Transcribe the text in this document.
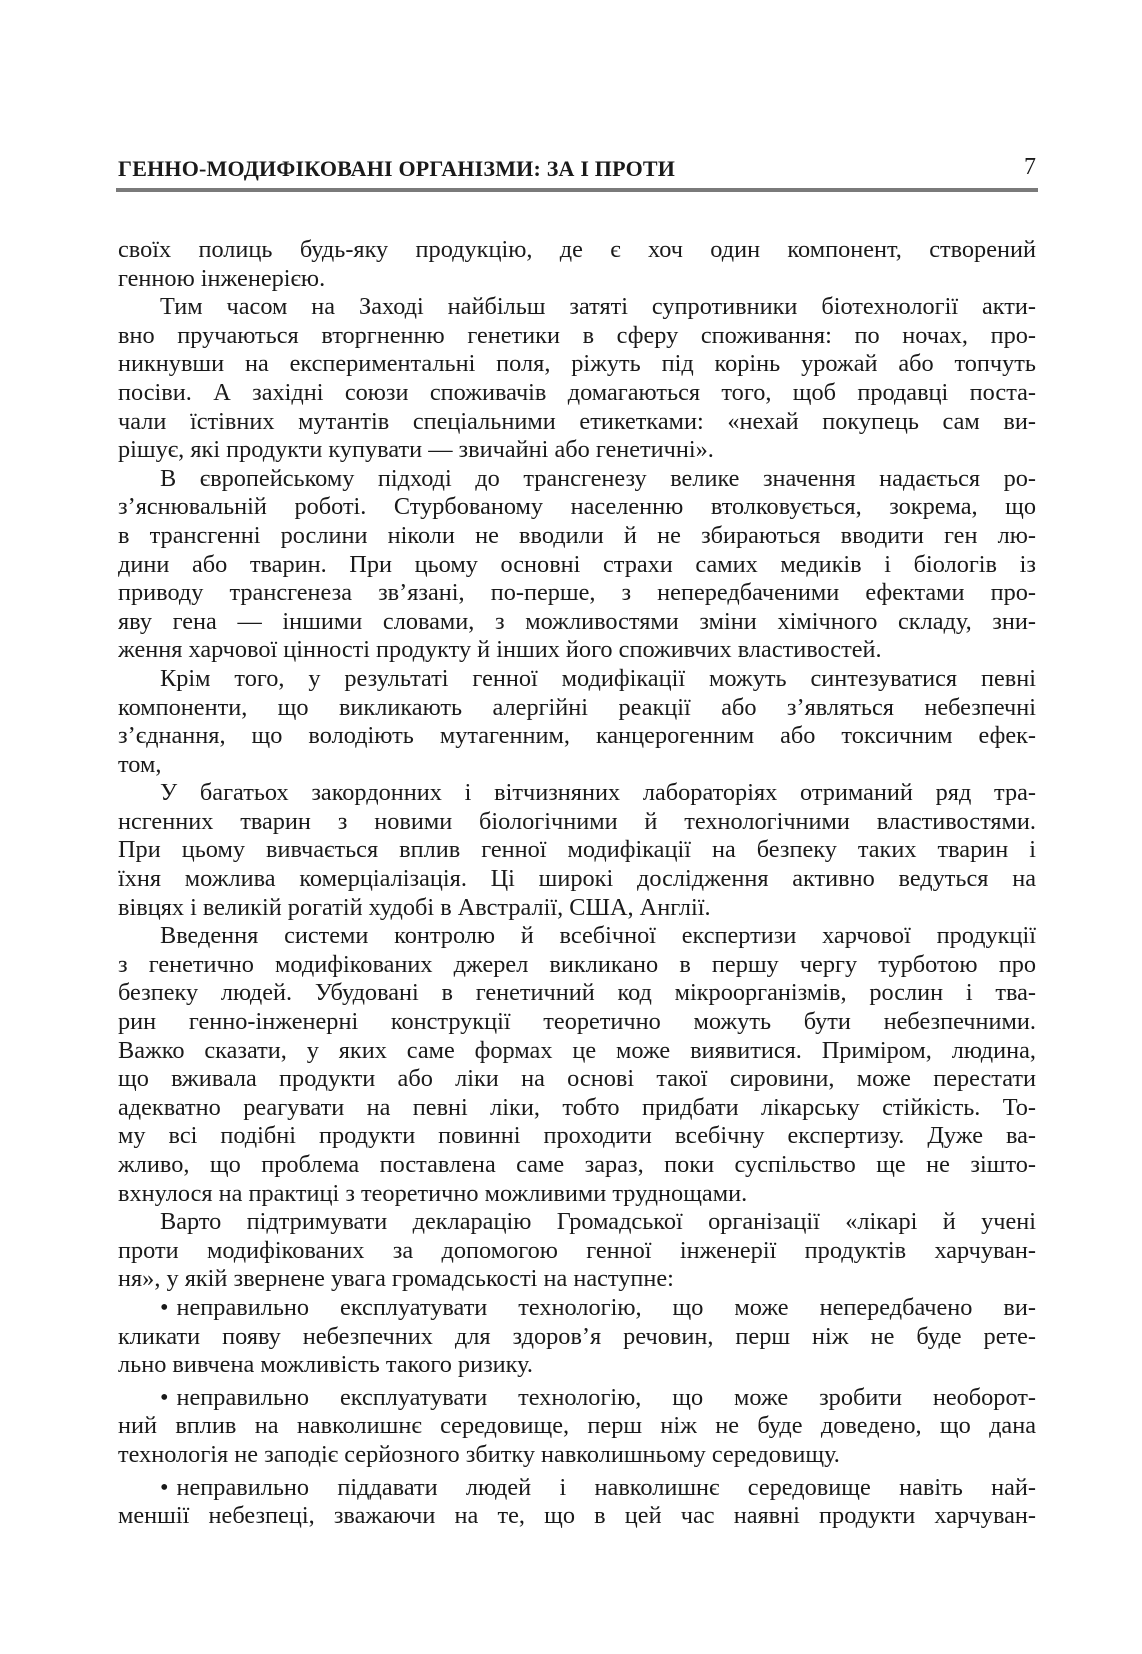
ГЕННО-МОДИФІКОВАНІ ОРГАНІЗМИ: ЗА І ПРОТИ	7
своїх полиць будь-яку продукцію, де є хоч один компонент, створений
генною інженерією.
Тим часом на Заході найбільш затяті супротивники біотехнології акти-
вно пручаються вторгненню генетики в сферу споживання: по ночах, про-
никнувши на експериментальні поля, ріжуть під корінь урожай або топчуть
посіви. А західні союзи споживачів домагаються того, щоб продавці поста-
чали їстівних мутантів спеціальними етикетками: «нехай покупець сам ви-
рішує, які продукти купувати — звичайні або генетичні».
В європейському підході до трансгенезу велике значення надається ро-
з’яснювальній роботі. Стурбованому населенню втолковується, зокрема, що
в трансгенні рослини ніколи не вводили й не збираються вводити ген лю-
дини або тварин. При цьому основні страхи самих медиків і біологів із
приводу трансгенеза зв’язані, по-перше, з непередбаченими ефектами про-
яву гена — іншими словами, з можливостями зміни хімічного складу, зни-
ження харчової цінності продукту й інших його споживчих властивостей.
Крім того, у результаті генної модифікації можуть синтезуватися певні
компоненти, що викликають алергійні реакції або з’являться небезпечні
з’єднання, що володіють мутагенним, канцерогенним або токсичним ефек-
том,
У багатьох закордонних і вітчизняних лабораторіях отриманий ряд тра-
нсгенних тварин з новими біологічними й технологічними властивостями.
При цьому вивчається вплив генної модифікації на безпеку таких тварин і
їхня можлива комерціалізація. Ці широкі дослідження активно ведуться на
вівцях і великій рогатій худобі в Австралії, США, Англії.
Введення системи контролю й всебічної експертизи харчової продукції
з генетично модифікованих джерел викликано в першу чергу турботою про
безпеку людей. Убудовані в генетичний код мікроорганізмів, рослин і тва-
рин генно-інженерні конструкції теоретично можуть бути небезпечними.
Важко сказати, у яких саме формах це може виявитися. Приміром, людина,
що вживала продукти або ліки на основі такої сировини, може перестати
адекватно реагувати на певні ліки, тобто придбати лікарську стійкість. То-
му всі подібні продукти повинні проходити всебічну експертизу. Дуже ва-
жливо, що проблема поставлена саме зараз, поки суспільство ще не зішто-
вхнулося на практиці з теоретично можливими труднощами.
Варто підтримувати декларацію Громадської організації «лікарі й учені
проти модифікованих за допомогою генної інженерії продуктів харчуван-
ня», у якій звернене увага громадськості на наступне:
• неправильно експлуатувати технологію, що може непередбачено ви-
кликати появу небезпечних для здоров’я речовин, перш ніж не буде рете-
льно вивчена можливість такого ризику.
• неправильно експлуатувати технологію, що може зробити необорот-
ний вплив на навколишнє середовище, перш ніж не буде доведено, що дана
технологія не заподіє серйозного збитку навколишньому середовищу.
• неправильно піддавати людей і навколишнє середовище навіть най-
меншії небезпеці, зважаючи на те, що в цей час наявні продукти харчуван-
